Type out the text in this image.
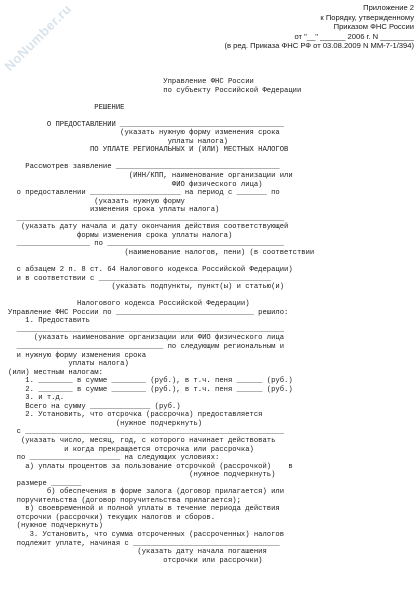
NoNumber.ru	Приложение 2
к Порядку, утвержденному
Приказом ФНС России
от "__" ______ 2006 г. N ________
(в ред. Приказа ФНС РФ от 03.08.2009 N ММ-7-1/394)
Управление ФНС России
по субъекту Российской Федерации
РЕШЕНИЕ
О ПРЕДОСТАВЛЕНИИ ______________________________________
(указать нужную форму изменения срока
уплаты налога)
ПО УПЛАТЕ РЕГИОНАЛЬНЫХ И (ИЛИ) МЕСТНЫХ НАЛОГОВ
Рассмотрев заявление ______________________________________
(ИНН/КПП, наименование организации или
ФИО физического лица)
о предоставлении _____________________ на период с _______ по
(указать нужную форму
изменения срока уплаты налога)
______________________________________________________________
(указать дату начала и дату окончания действия соответствующей
формы изменения срока уплаты налога)
_________________ по _________________________________________
(наименование налогов, пени) (в соответствии
с абзацем 2 п. 8 ст. 64 Налогового кодекса Российской Федерации)
и в соответствии с ________________________________________
(указать подпункты, пункт(ы) и статью(и)
Налогового кодекса Российской Федерации)
Управление ФНС России по ________________________________ решило:
1. Предоставить
______________________________________________________________
(указать наименование организации или ФИО физического лица
__________________________________ по следующим региональным и
и нужную форму изменения срока
уплаты налога)
(или) местным налогам:
1. ________ в сумме ________ (руб.), в т.ч. пеня ______ (руб.)
2. ________ в сумме ________ (руб.), в т.ч. пеня ______ (руб.)
3. и т.д.
Всего на сумму ______________ (руб.)
2. Установить, что отсрочка (рассрочка) предоставляется
(нужное подчеркнуть)
с ____________________________________________________________
(указать число, месяц, год, с которого начинает действовать
и когда прекращается отсрочка или рассрочка)
по _____________________ на следующих условиях:
а) уплаты процентов за пользование отсрочкой (рассрочкой)    в
(нужное подчеркнуть)
размере _______
б) обеспечения в форме залога (договор прилагается) или
поручительства (договор поручительства прилагается);
в) своевременной и полной уплаты в течение периода действия
отсрочки (рассрочки) текущих налогов и сборов.
(нужное подчеркнуть)
3. Установить, что сумма отсроченных (рассроченных) налогов
подлежит уплате, начиная с __________________________________
(указать дату начала погашения
отсрочки или рассрочки)
